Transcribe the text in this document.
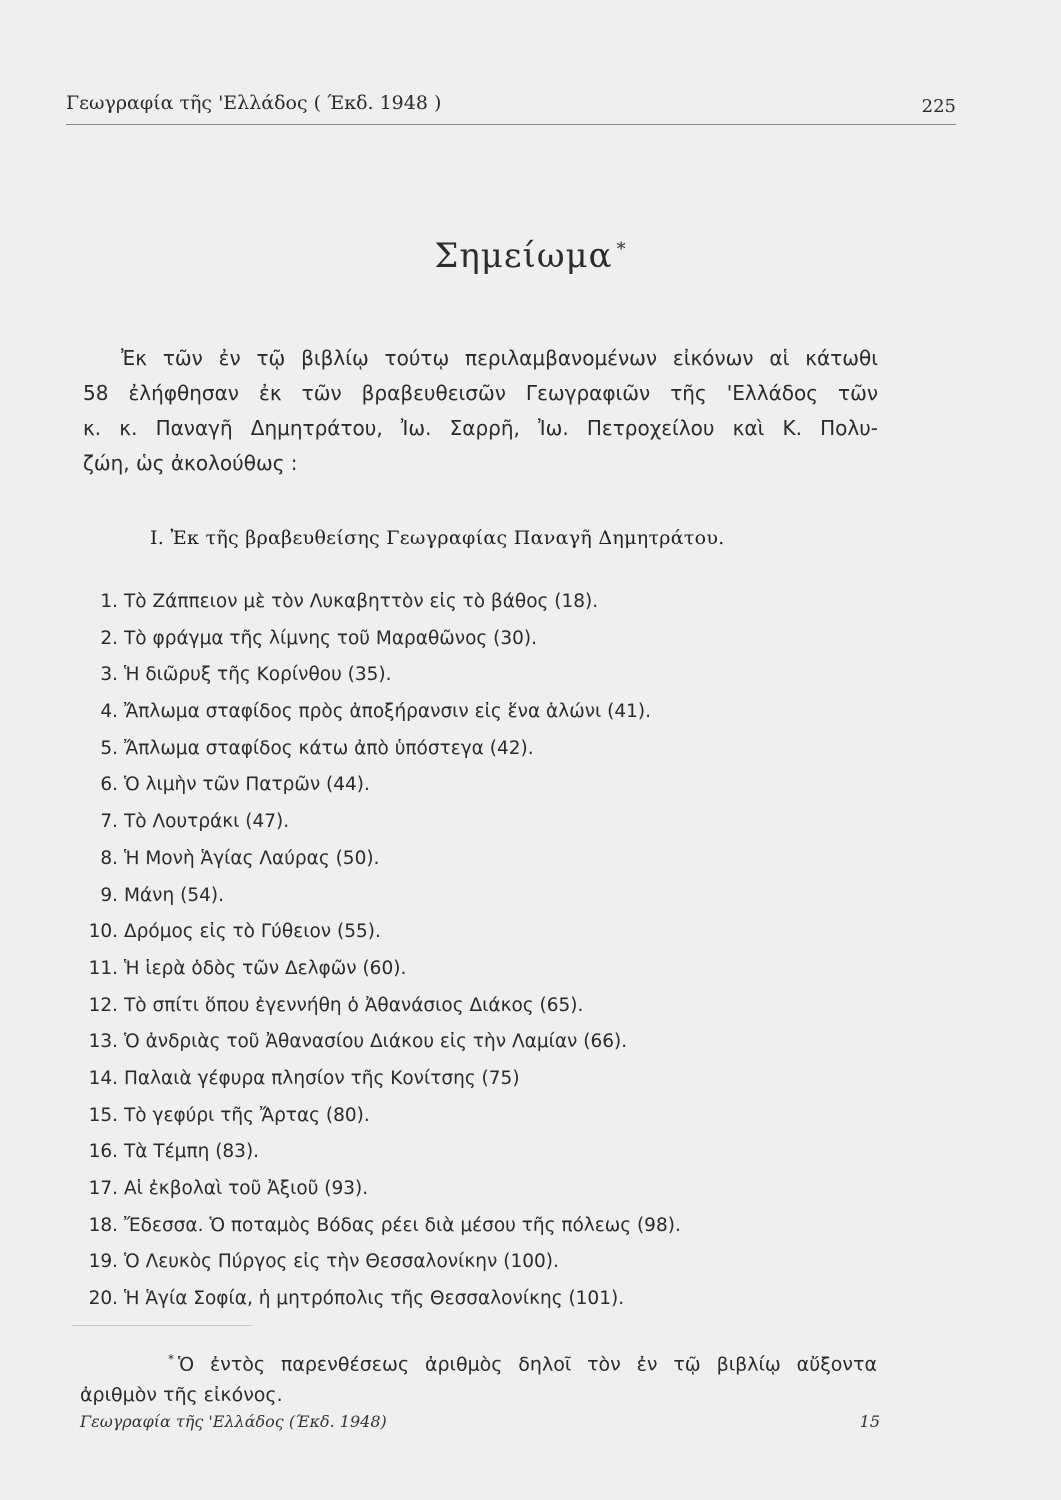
Γεωγραφία τῆς 'Ελλάδος ( Έκδ. 1948 )	225
Σημείωμα *
Ἐκ τῶν ἐν τῷ βιβλίῳ τούτῳ περιλαμβανομένων εἰκόνων αἱ κάτωθι
58 ἐλήφθησαν ἐκ τῶν βραβευθεισῶν Γεωγραφιῶν τῆς 'Ελλάδος τῶν
κ. κ. Παναγῆ Δημητράτου, Ἰω. Σαρρῆ, Ἰω. Πετροχείλου καὶ Κ. Πολυ-
ζώη, ὡς ἀκολούθως :
I. Ἐκ τῆς βραβευθείσης Γεωγραφίας Παναγῆ Δημητράτου.
1. Τὸ Ζάππειον μὲ τὸν Λυκαβηττὸν εἰς τὸ βάθος (18).
2. Τὸ φράγμα τῆς λίμνης τοῦ Μαραθῶνος (30).
3. Ἡ διῶρυξ τῆς Κορίνθου (35).
4. Ἄπλωμα σταφίδος πρὸς ἀποξήρανσιν εἰς ἕνα ἁλώνι (41).
5. Ἄπλωμα σταφίδος κάτω ἀπὸ ὑπόστεγα (42).
6. Ὁ λιμὴν τῶν Πατρῶν (44).
7. Τὸ Λουτράκι (47).
8. Ἡ Μονὴ Ἁγίας Λαύρας (50).
9. Μάνη (54).
10. Δρόμος εἰς τὸ Γύθειον (55).
11. Ἡ ἱερὰ ὁδὸς τῶν Δελφῶν (60).
12. Τὸ σπίτι ὅπου ἐγεννήθη ὁ Ἀθανάσιος Διάκος (65).
13. Ὁ ἀνδριὰς τοῦ Ἀθανασίου Διάκου εἰς τὴν Λαμίαν (66).
14. Παλαιὰ γέφυρα πλησίον τῆς Κονίτσης (75)
15. Τὸ γεφύρι τῆς Ἄρτας (80).
16. Τὰ Τέμπη (83).
17. Αἱ ἐκβολαὶ τοῦ Ἀξιοῦ (93).
18. Ἔδεσσα. Ὁ ποταμὸς Βόδας ρέει διὰ μέσου τῆς πόλεως (98).
19. Ὁ Λευκὸς Πύργος εἰς τὴν Θεσσαλονίκην (100).
20. Ἡ Ἁγία Σοφία, ἡ μητρόπολις τῆς Θεσσαλονίκης (101).
* Ὁ ἐντὸς παρενθέσεως ἀριθμὸς δηλοῖ τὸν ἐν τῷ βιβλίῳ αὔξοντα
ἀριθμὸν τῆς εἰκόνος.
Γεωγραφία τῆς 'Ελλάδος (Έκδ. 1948)	15
